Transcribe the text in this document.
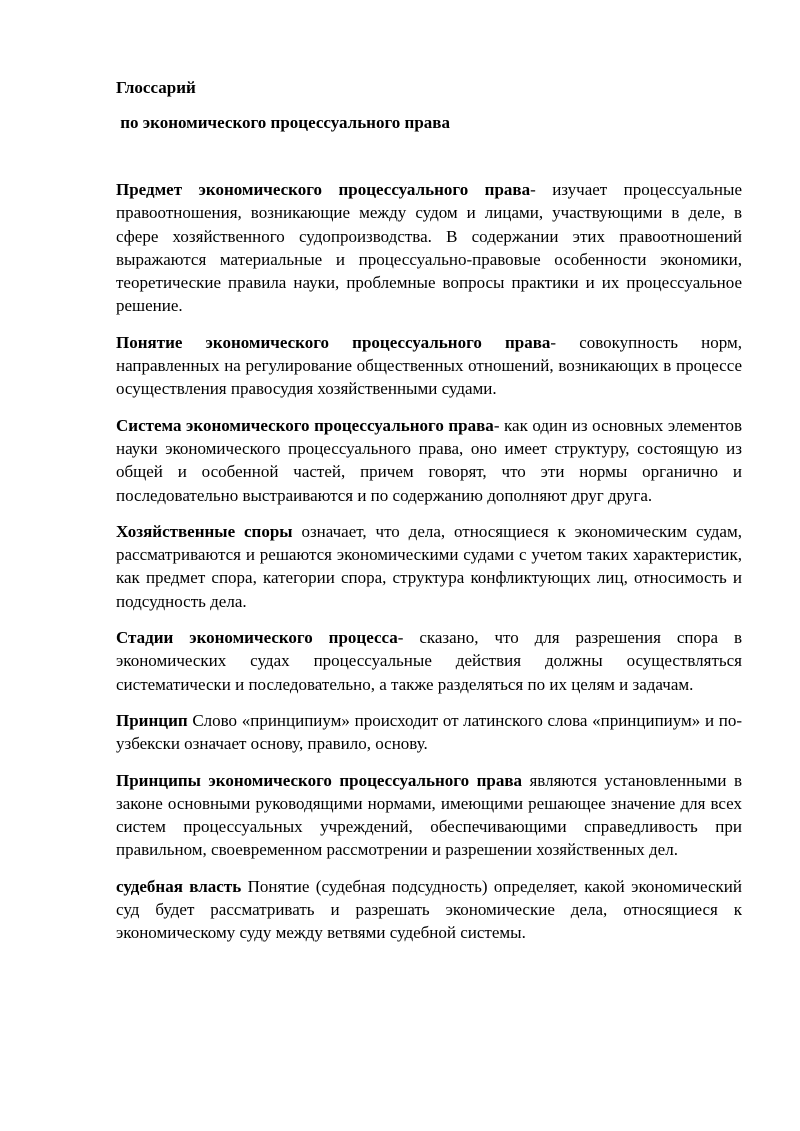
Глоссарий

по экономического процессуального права

Предмет экономического процессуального права- изучает процессуальные правоотношения, возникающие между судом и лицами, участвующими в деле, в сфере хозяйственного судопроизводства. В содержании этих правоотношений выражаются материальные и процессуально-правовые особенности экономики, теоретические правила науки, проблемные вопросы практики и их процессуальное решение.

Понятие экономического процессуального права- совокупность норм, направленных на регулирование общественных отношений, возникающих в процессе осуществления правосудия хозяйственными судами.

Система экономического процессуального права- как один из основных элементов науки экономического процессуального права, оно имеет структуру, состоящую из общей и особенной частей, причем говорят, что эти нормы органично и последовательно выстраиваются и по содержанию дополняют друг друга.

Хозяйственные споры означает, что дела, относящиеся к экономическим судам, рассматриваются и решаются экономическими судами с учетом таких характеристик, как предмет спора, категории спора, структура конфликтующих лиц, относимость и подсудность дела.

Стадии экономического процесса- сказано, что для разрешения спора в экономических судах процессуальные действия должны осуществляться систематически и последовательно, а также разделяться по их целям и задачам.

Принцип Слово «принципиум» происходит от латинского слова «принципиум» и по-узбекски означает основу, правило, основу.

Принципы экономического процессуального права являются установленными в законе основными руководящими нормами, имеющими решающее значение для всех систем процессуальных учреждений, обеспечивающими справедливость при правильном, своевременном рассмотрении и разрешении хозяйственных дел.

судебная власть Понятие (судебная подсудность) определяет, какой экономический суд будет рассматривать и разрешать экономические дела, относящиеся к экономическому суду между ветвями судебной системы.
